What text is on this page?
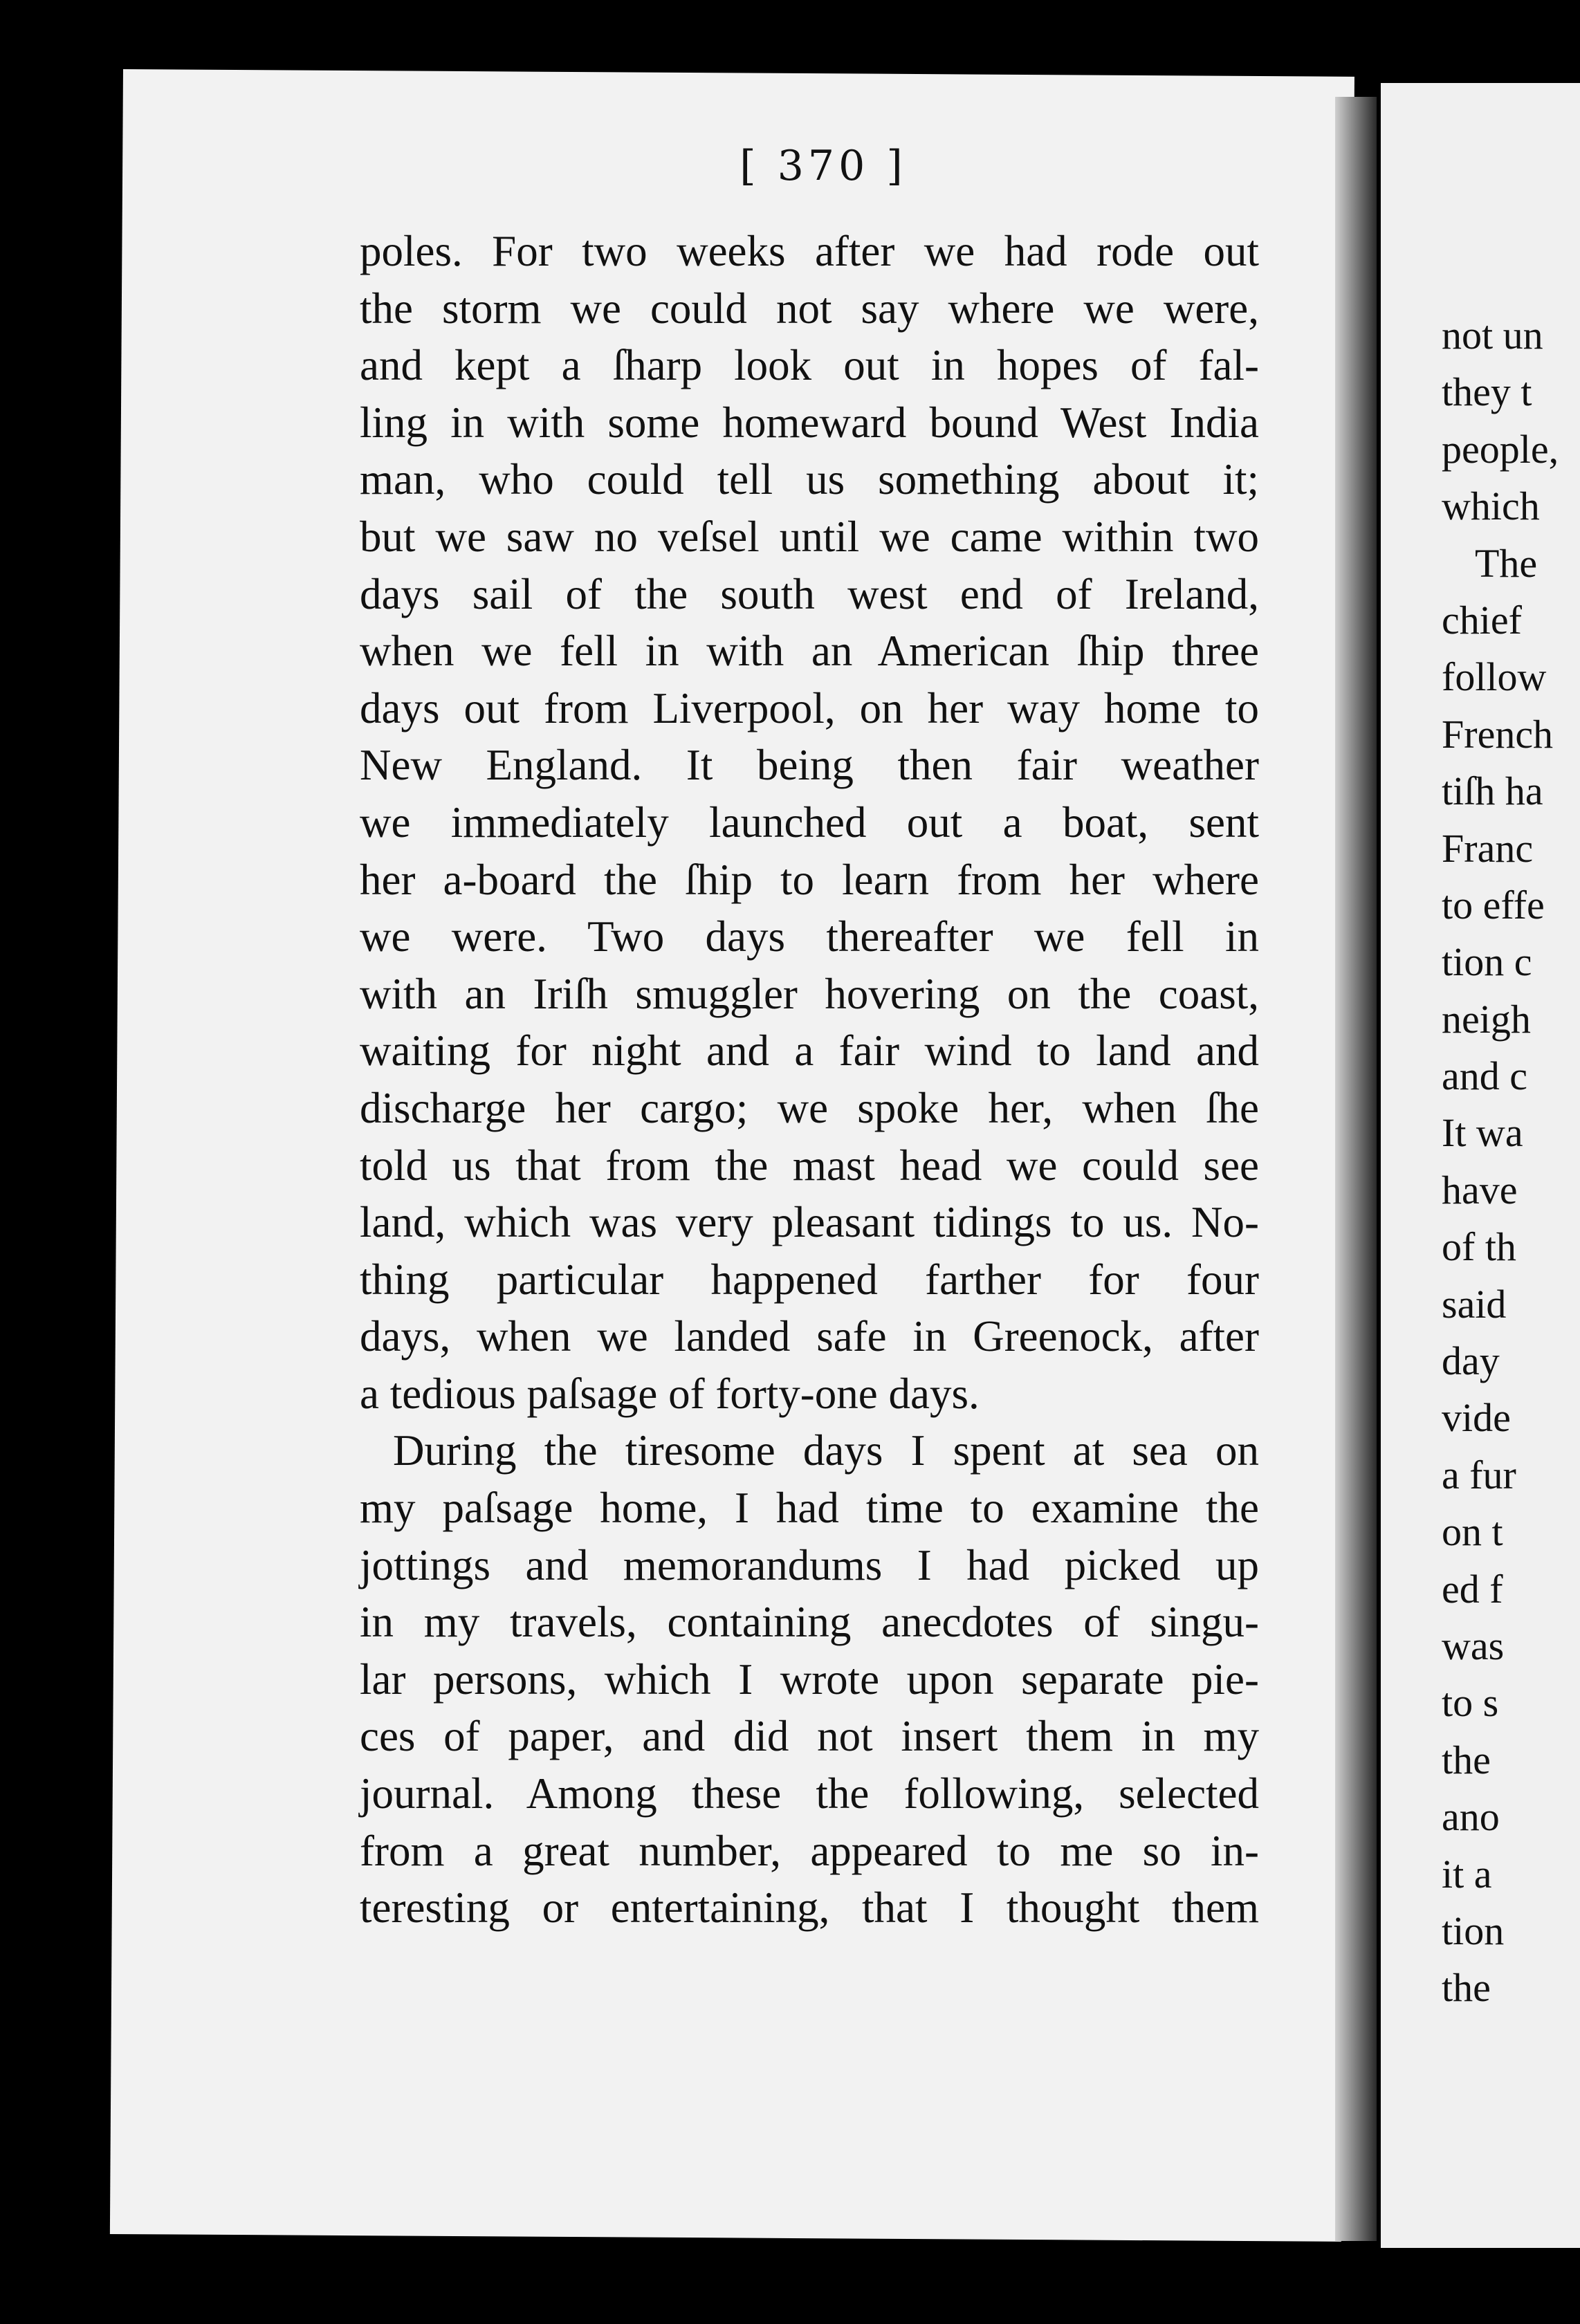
[ 370 ]
poles. For two weeks after we had rode out
the storm we could not say where we were,
and kept a ſharp look out in hopes of fal-
ling in with some homeward bound West India
man, who could tell us something about it;
but we saw no veſsel until we came within two
days sail of the south west end of Ireland,
when we fell in with an American ſhip three
days out from Liverpool, on her way home to
New England. It being then fair weather
we immediately launched out a boat, sent
her a-board the ſhip to learn from her where
we were. Two days thereafter we fell in
with an Iriſh smuggler hovering on the coast,
waiting for night and a fair wind to land and
discharge her cargo; we spoke her, when ſhe
told us that from the mast head we could see
land, which was very pleasant tidings to us. No-
thing particular happened farther for four
days, when we landed safe in Greenock, after
a tedious paſsage of forty-one days.
During the tiresome days I spent at sea on
my paſsage home, I had time to examine the
jottings and memorandums I had picked up
in my travels, containing anecdotes of singu-
lar persons, which I wrote upon separate pie-
ces of paper, and did not insert them in my
journal. Among these the following, selected
from a great number, appeared to me so in-
teresting or entertaining, that I thought them
not un
they t
people,
which
The
chief
follow
French
tiſh ha
Franc
to effe
tion c
neigh
and c
It wa
have
of th
said
day
vide
a fur
on t
ed f
was
to s
the
ano
it a
tion
the
